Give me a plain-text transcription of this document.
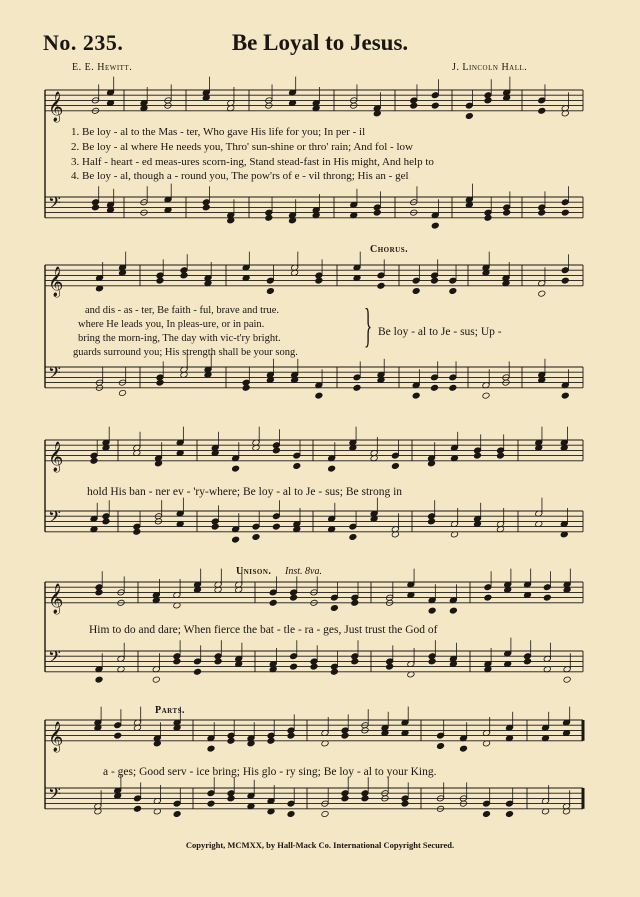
No. 235.	Be Loyal to Jesus.
E. E. Hewitt.	J. Lincoln Hall.
𝄞
𝄢
𝄞
𝄢
𝄞
𝄢
𝄞
𝄢
𝄞
𝄢
1. Be loy - al to the Mas - ter, Who gave His life for you; In per - il
2. Be loy - al where He needs you, Thro' sun-shine or thro' rain; And fol - low
3. Half - heart - ed meas-ures scorn-ing, Stand stead-fast in His might, And help to
4. Be loy - al, though a - round you, The pow'rs of e - vil throng; His an - gel
Chorus.
and dis - as - ter, Be faith - ful, brave and true.
where He leads you, In pleas-ure, or in pain.
bring the morn-ing, The day with vic-t'ry bright.
guards surround you; His strength shall be your song.
} Be loy - al to Je - sus; Up -
hold His ban - ner ev - 'ry-where; Be loy - al to Je - sus; Be strong in
Unison. Inst. 8va.
Him to do and dare; When fierce the bat - tle - ra - ges, Just trust the God of
Parts.
a - ges; Good serv - ice bring; His glo - ry sing; Be loy - al to your King.
Copyright, MCMXX, by Hall-Mack Co. International Copyright Secured.
